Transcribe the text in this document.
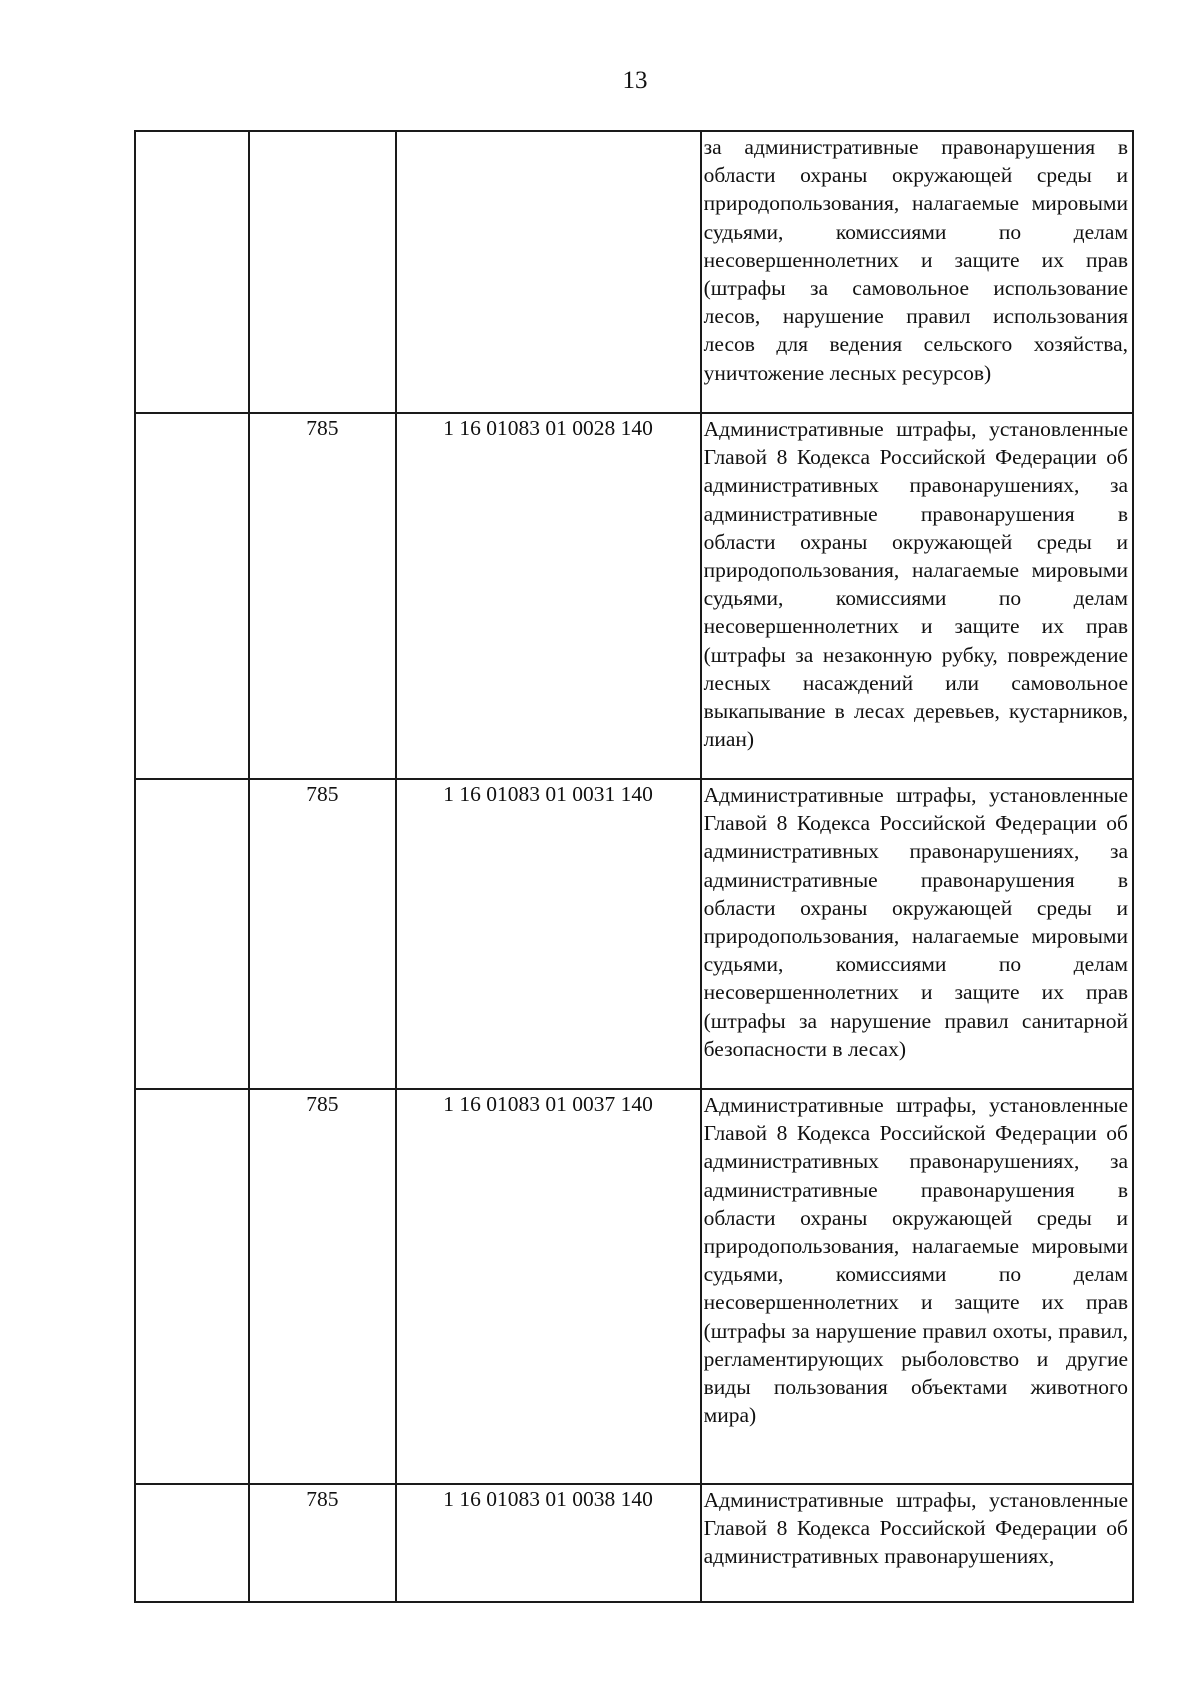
13
			за административные правонарушения в области охраны окружающей среды и природопользования, налагаемые мировыми судьями, комиссиями по делам несовершеннолетних и защите их прав (штрафы за самовольное использование лесов, нарушение правил использования лесов для ведения сельского хозяйства, уничтожение лесных ресурсов)
	785	1 16 01083 01 0028 140	Административные штрафы, установленные Главой 8 Кодекса Российской Федерации об административных правонарушениях, за административные правонарушения в области охраны окружающей среды и природопользования, налагаемые мировыми судьями, комиссиями по делам несовершеннолетних и защите их прав (штрафы за незаконную рубку, повреждение лесных насаждений или самовольное выкапывание в лесах деревьев, кустарников, лиан)
	785	1 16 01083 01 0031 140	Административные штрафы, установленные Главой 8 Кодекса Российской Федерации об административных правонарушениях, за административные правонарушения в области охраны окружающей среды и природопользования, налагаемые мировыми судьями, комиссиями по делам несовершеннолетних и защите их прав (штрафы за нарушение правил санитарной безопасности в лесах)
	785	1 16 01083 01 0037 140	Административные штрафы, установленные Главой 8 Кодекса Российской Федерации об административных правонарушениях, за административные правонарушения в области охраны окружающей среды и природопользования, налагаемые мировыми судьями, комиссиями по делам несовершеннолетних и защите их прав (штрафы за нарушение правил охоты, правил, регламентирующих рыболовство и другие виды пользования объектами животного мира)
	785	1 16 01083 01 0038 140	Административные штрафы, установленные Главой 8 Кодекса Российской Федерации об административных правонарушениях,
